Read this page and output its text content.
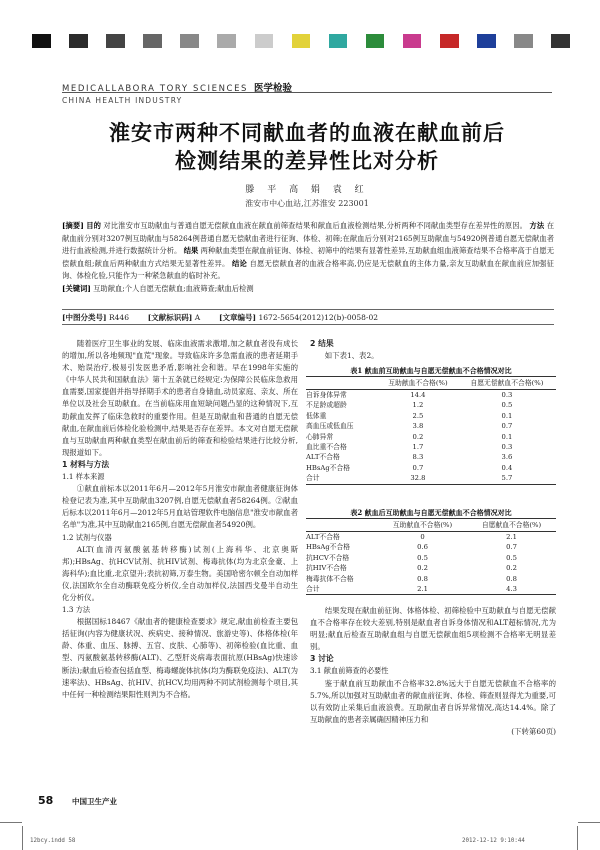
MEDICALLABORA TORY SCIENCES 医学检验
CHINA HEALTH INDUSTRY
淮安市两种不同献血者的血液在献血前后
检测结果的差异性比对分析
滕 平 高 娟 袁 红
淮安市中心血站,江苏淮安 223001

[摘要] 目的 对比淮安市互助献血与普通自愿无偿献血血液在献血前筛查结果和献血后血液检测结果,分析两种不同献血类型存在差异性的原因。 方法 在献血前分别对3207例互助献血与58264例普通自愿无偿献血者进行征询、体检、初筛;在献血后分别对2165例互助献血与54920例普通自愿无偿献血者进行血液检测,并进行数据统计分析。 结果 两种献血类型在献血前征询、体检、初筛中的结果有显著性差异,互助献血组血液筛查结果不合格率高于自愿无偿献血组;献血后两种献血方式结果无显著性差异。 结论 自愿无偿献血者的血液合格率高,仍应是无偿献血的主体力量,亲友互助献血在献血前应加强征询、体检化验,只能作为一种紧急献血的临时补充。
[关键词] 互助献血;个人自愿无偿献血;血液筛查;献血后检测

[中图分类号] R446	[文献标识码] A	[文章编号] 1672-5654(2012)12(b)-0058-02

随着医疗卫生事业的发展、临床血液需求激增,加之献血者没有成长的增加,所以各地频现"血荒"现象。导致临床许多急需血液的患者延期手术、贻误治疗,极易引发医患矛盾,影响社会和谐。早在1998年实施的《中华人民共和国献血法》第十五条就已经规定:为保障公民临床急救用血需要,国家提倡并指导择期手术的患者自身储血,动员家庭、亲友、所在单位以及社会互助献血。在当前临床用血短缺问题凸显的这种情况下,互助献血发挥了临床急救时的重要作用。但是互助献血和普通的自愿无偿献血,在献血前后体检化验检测中,结果是否存在差异。本文对自愿无偿献血与互助献血两种献血类型在献血前后的筛查和检验结果进行比较分析,现报道如下。

1 材料与方法

1.1 样本来源

①献血前标本以2011年6月—2012年5月淮安市献血者健康征询体检登记表为准,其中互助献血3207例,自愿无偿献血者58264例。②献血后标本以2011年6月—2012年5月血站管理软件电脑信息"淮安市献血者名单"为准,其中互助献血2165例,自愿无偿献血者54920例。

1.2 试剂与仪器

ALT(血清丙氨酸氨基转移酶)试剂(上海科华、北京奥斯邦);HBsAg、抗HCV试剂、抗HIV试剂、梅毒抗体(均为北京金豪、上海科华);血比重,北京望升;表抗初筛,万泰生物。美国哈密尔顿全自动加样仪,法国欧尔全自动酶联免疫分析仪,全自动加样仪,法国西戈曼半自动生化分析仪。

1.3 方法

根据国标18467《献血者的健康检查要求》规定,献血前检查主要包括征询(内容为健康状况、疾病史、接种情况、旅游史等)、体格体检(年龄、体重、血压、脉搏、五官、皮肤、心肺等)、初筛检验(血比重、血型、丙氨酸氨基转移酶(ALT)、乙型肝炎病毒表面抗原(HBsAg)快速诊断法);献血后检查包括血型、梅毒螺旋体抗体(均为酶联免疫法)、ALT(为速率法)、HBsAg、抗HIV、抗HCV,均用两种不同试剂检测每个项目,其中任何一种检测结果阳性则判为不合格。

2 结果

如下表1、表2。

表1 献血前互助献血与自愿无偿献血不合格情况对比
	互助献血不合格(%)	自愿无偿献血不合格(%)
自诉身体异常	14.4	0.3
不足龄或超龄	1.2	0.5
低体重	2.5	0.1
高血压或低血压	3.8	0.7
心肺异常	0.2	0.1
血比重不合格	1.7	0.3
ALT不合格	8.3	3.6
HBsAg不合格	0.7	0.4
合计	32.8	5.7
表2 献血后互助献血与自愿无偿献血不合格情况对比
	互助献血不合格(%)	自愿献血不合格(%)
ALT不合格	0	2.1
HBsAg不合格	0.6	0.7
抗HCV不合格	0.5	0.5
抗HIV不合格	0.2	0.2
梅毒抗体不合格	0.8	0.8
合计	2.1	4.3

结果发现在献血前征询、体格体检、初筛检验中互助献血与自愿无偿献血不合格率存在较大差别,特别是献血者自诉身体情况和ALT超标情况,尤为明显;献血后检查互助献血组与自愿无偿献血组5项检测不合格率无明显差别。

3 讨论

3.1 献血前筛查的必要性

鉴于献血前互助献血不合格率32.8%远大于自愿无偿献血不合格率的5.7%,所以加强对互助献血者的献血前征询、体检、筛查则显得尤为重要,可以有效防止采集后血液浪费。互助献血者自诉异常情况,高达14.4%。除了互助献血的患者亲属确因精神压力和

(下转第60页)

58 中国卫生产业
12bcy.indd 58	2012-12-12 9:10:44
